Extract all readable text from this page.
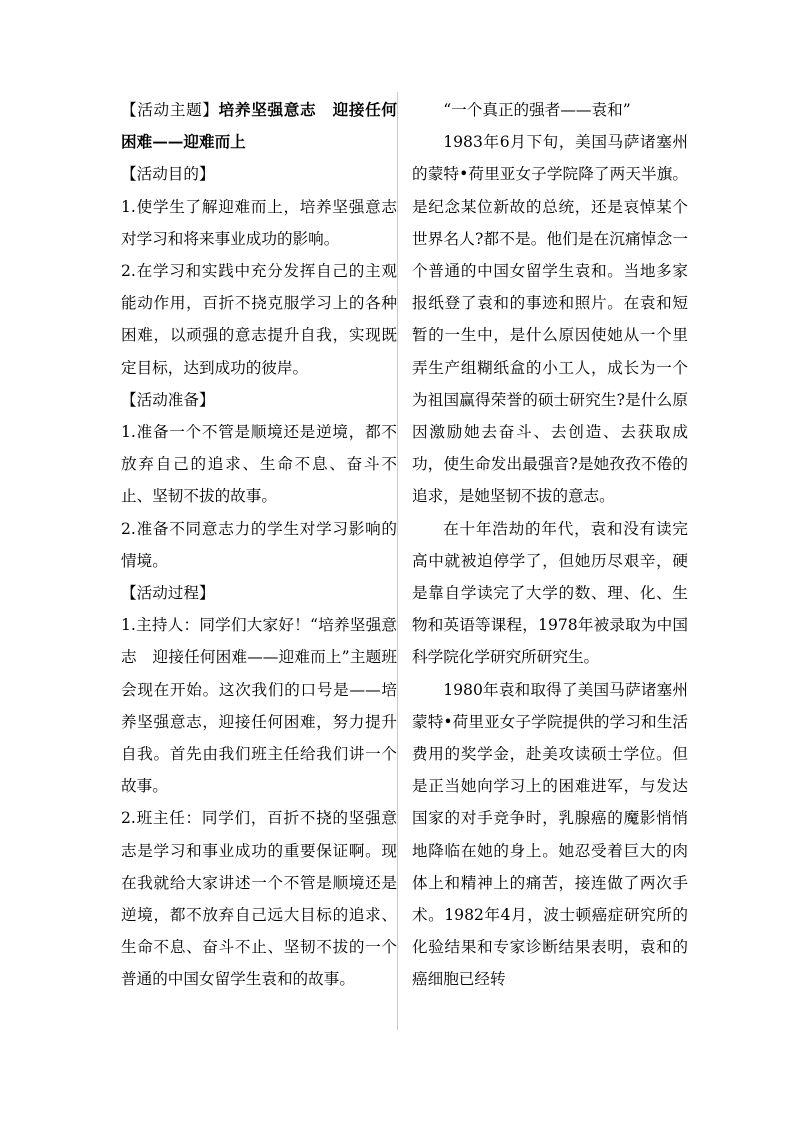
【活动主题】培养坚强意志　迎接任何困难——迎难而上

【活动目的】

1.使学生了解迎难而上，培养坚强意志对学习和将来事业成功的影响。

2.在学习和实践中充分发挥自己的主观能动作用，百折不挠克服学习上的各种困难，以顽强的意志提升自我，实现既定目标，达到成功的彼岸。

【活动准备】

1.准备一个不管是顺境还是逆境，都不放弃自己的追求、生命不息、奋斗不止、坚韧不拔的故事。

2.准备不同意志力的学生对学习影响的情境。

【活动过程】

1.主持人：同学们大家好！“培养坚强意志　迎接任何困难——迎难而上”主题班会现在开始。这次我们的口号是——培养坚强意志，迎接任何困难，努力提升自我。首先由我们班主任给我们讲一个故事。

2.班主任：同学们，百折不挠的坚强意志是学习和事业成功的重要保证啊。现在我就给大家讲述一个不管是顺境还是逆境，都不放弃自己远大目标的追求、生命不息、奋斗不止、坚韧不拔的一个普通的中国女留学生袁和的故事。

“一个真正的强者——袁和”

1983年6月下旬，美国马萨诸塞州的蒙特•荷里亚女子学院降了两天半旗。是纪念某位新故的总统，还是哀悼某个世界名人?都不是。他们是在沉痛悼念一个普通的中国女留学生袁和。当地多家报纸登了袁和的事迹和照片。在袁和短暂的一生中，是什么原因使她从一个里弄生产组糊纸盒的小工人，成长为一个为祖国赢得荣誉的硕士研究生?是什么原因激励她去奋斗、去创造、去获取成功，使生命发出最强音?是她孜孜不倦的追求，是她坚韧不拔的意志。

在十年浩劫的年代，袁和没有读完高中就被迫停学了，但她历尽艰辛，硬是靠自学读完了大学的数、理、化、生物和英语等课程，1978年被录取为中国科学院化学研究所研究生。

1980年袁和取得了美国马萨诸塞州蒙特•荷里亚女子学院提供的学习和生活费用的奖学金，赴美攻读硕士学位。但是正当她向学习上的困难进军，与发达国家的对手竞争时，乳腺癌的魔影悄悄地降临在她的身上。她忍受着巨大的肉体上和精神上的痛苦，接连做了两次手术。1982年4月，波士顿癌症研究所的化验结果和专家诊断结果表明，袁和的癌细胞已经转
